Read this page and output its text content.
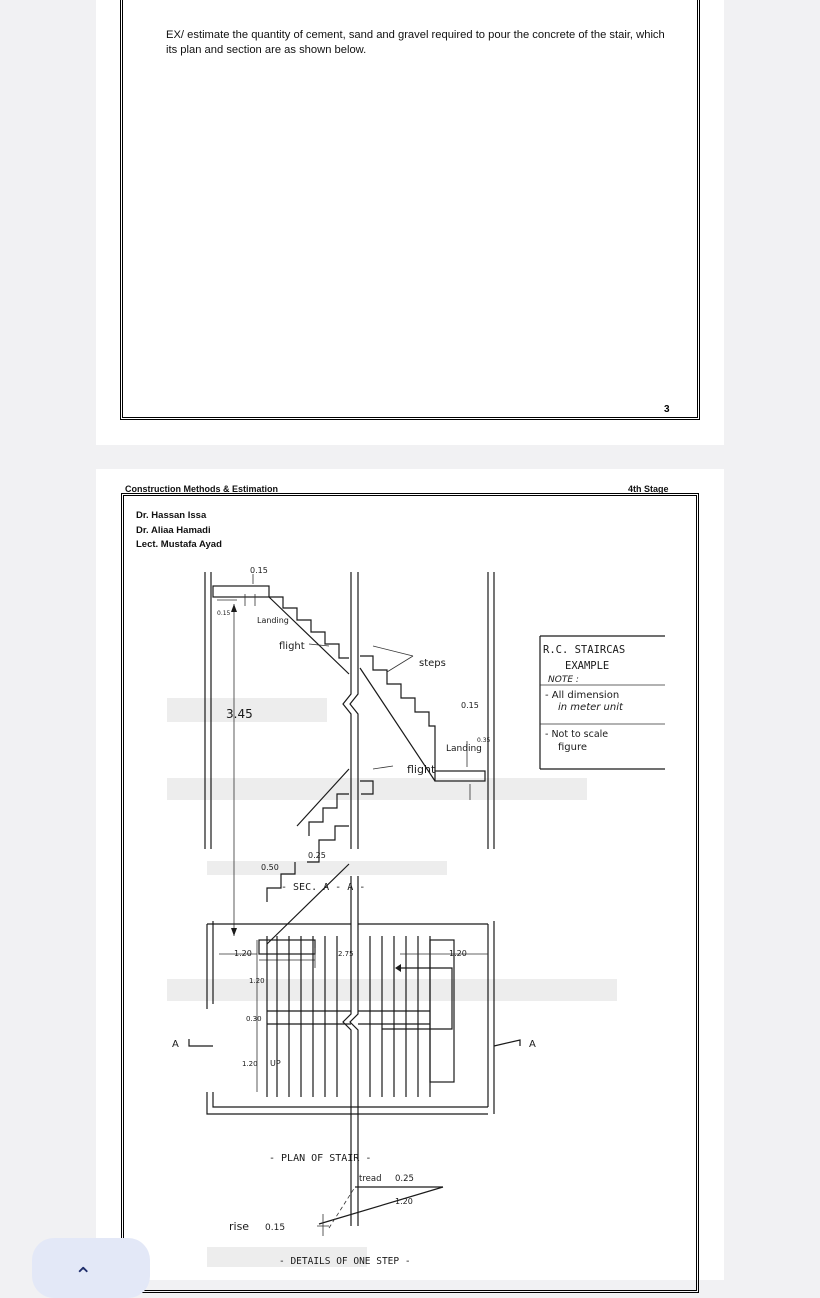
EX/ estimate the quantity of cement, sand and gravel required to pour the concrete of the stair, which its plan and section are as shown below.
3
Construction Methods & Estimation	4th Stage
Dr. Hassan Issa
Dr. Aliaa Hamadi
Lect. Mustafa Ayad
0.15
0.15
Landing
flight
steps
0.15
Landing
0.35
flight
3.45
0.50
0.25
- SEC. A - A -
R.C. STAIRCAS
EXAMPLE
NOTE :
- All dimension
in meter unit
- Not to scale
figure
1.20
1.20
0.30
1.20 UP
2.75	1.20
A	A
- PLAN OF STAIR -
tread 0.25
1.20
rise 0.15
- DETAILS OF ONE STEP -
⌃
